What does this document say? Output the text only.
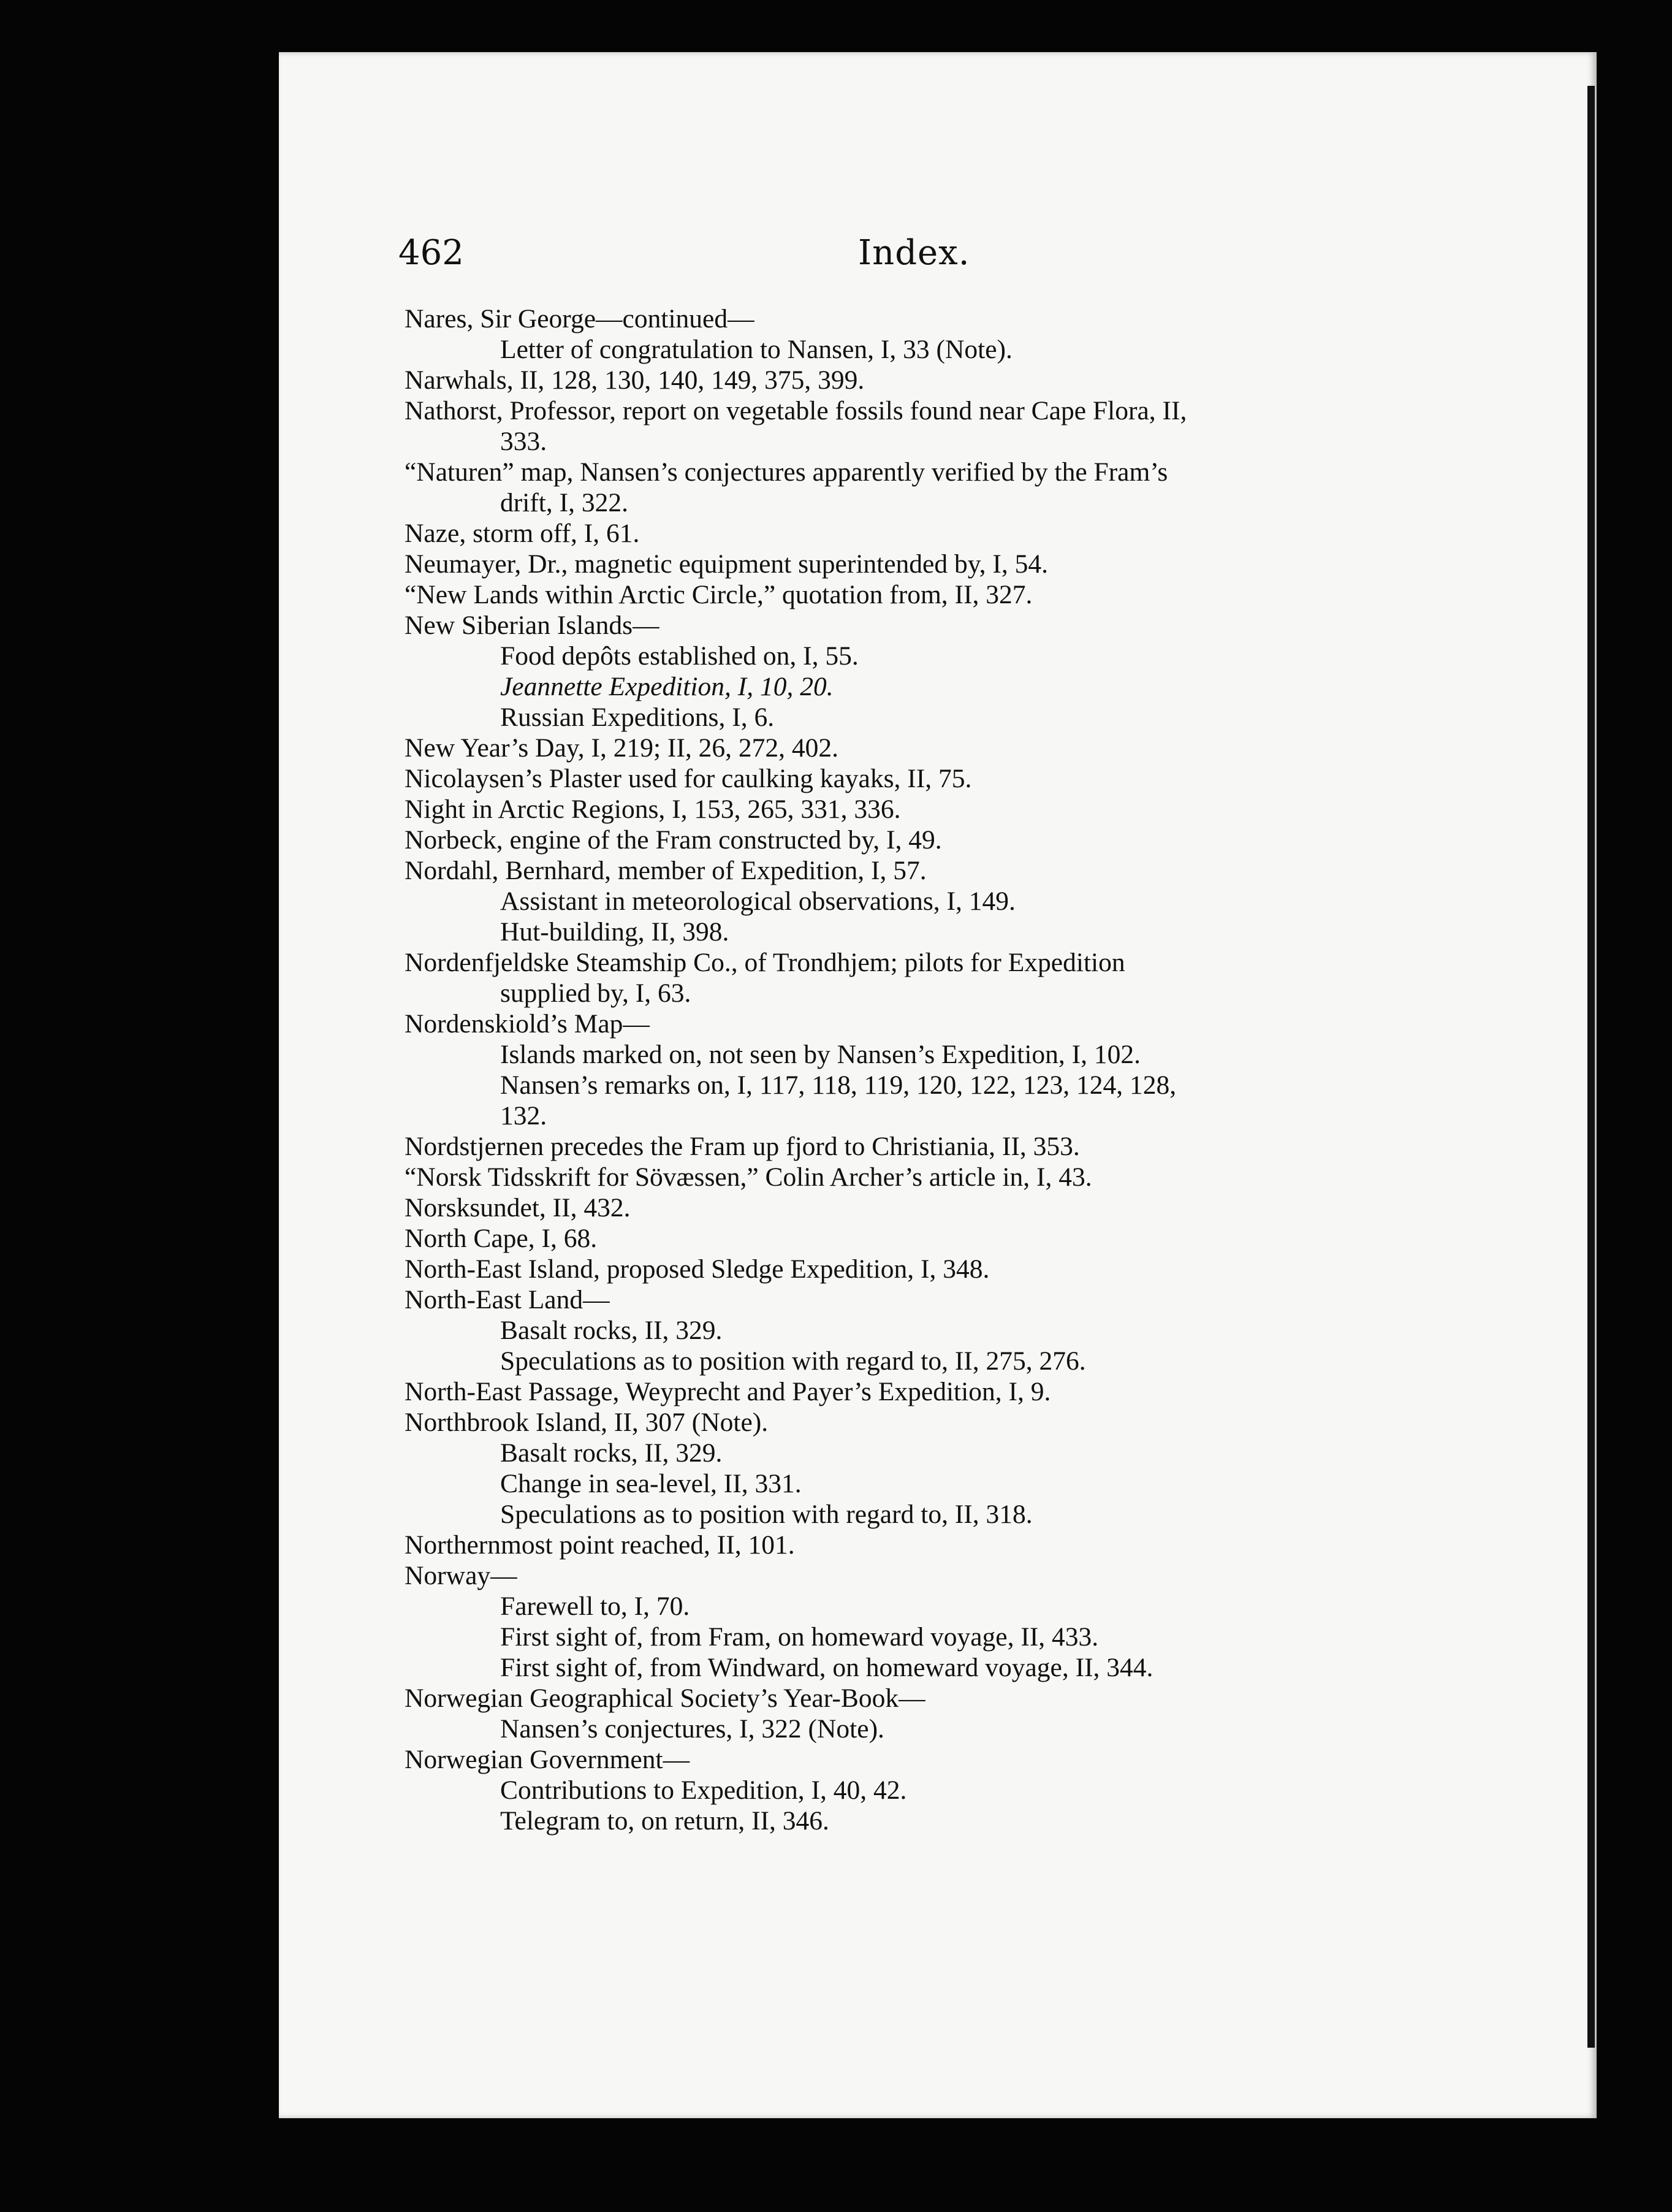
462	Index.
Nares, Sir George—continued—
Letter of congratulation to Nansen, I, 33 (Note).
Narwhals, II, 128, 130, 140, 149, 375, 399.
Nathorst, Professor, report on vegetable fossils found near Cape Flora, II,
333.
“Naturen” map, Nansen’s conjectures apparently verified by the Fram’s
drift, I, 322.
Naze, storm off, I, 61.
Neumayer, Dr., magnetic equipment superintended by, I, 54.
“New Lands within Arctic Circle,” quotation from, II, 327.
New Siberian Islands—
Food depôts established on, I, 55.
Jeannette Expedition, I, 10, 20.
Russian Expeditions, I, 6.
New Year’s Day, I, 219; II, 26, 272, 402.
Nicolaysen’s Plaster used for caulking kayaks, II, 75.
Night in Arctic Regions, I, 153, 265, 331, 336.
Norbeck, engine of the Fram constructed by, I, 49.
Nordahl, Bernhard, member of Expedition, I, 57.
Assistant in meteorological observations, I, 149.
Hut-building, II, 398.
Nordenfjeldske Steamship Co., of Trondhjem; pilots for Expedition
supplied by, I, 63.
Nordenskiold’s Map—
Islands marked on, not seen by Nansen’s Expedition, I, 102.
Nansen’s remarks on, I, 117, 118, 119, 120, 122, 123, 124, 128,
132.
Nordstjernen precedes the Fram up fjord to Christiania, II, 353.
“Norsk Tidsskrift for Sövæssen,” Colin Archer’s article in, I, 43.
Norsksundet, II, 432.
North Cape, I, 68.
North-East Island, proposed Sledge Expedition, I, 348.
North-East Land—
Basalt rocks, II, 329.
Speculations as to position with regard to, II, 275, 276.
North-East Passage, Weyprecht and Payer’s Expedition, I, 9.
Northbrook Island, II, 307 (Note).
Basalt rocks, II, 329.
Change in sea-level, II, 331.
Speculations as to position with regard to, II, 318.
Northernmost point reached, II, 101.
Norway—
Farewell to, I, 70.
First sight of, from Fram, on homeward voyage, II, 433.
First sight of, from Windward, on homeward voyage, II, 344.
Norwegian Geographical Society’s Year-Book—
Nansen’s conjectures, I, 322 (Note).
Norwegian Government—
Contributions to Expedition, I, 40, 42.
Telegram to, on return, II, 346.
